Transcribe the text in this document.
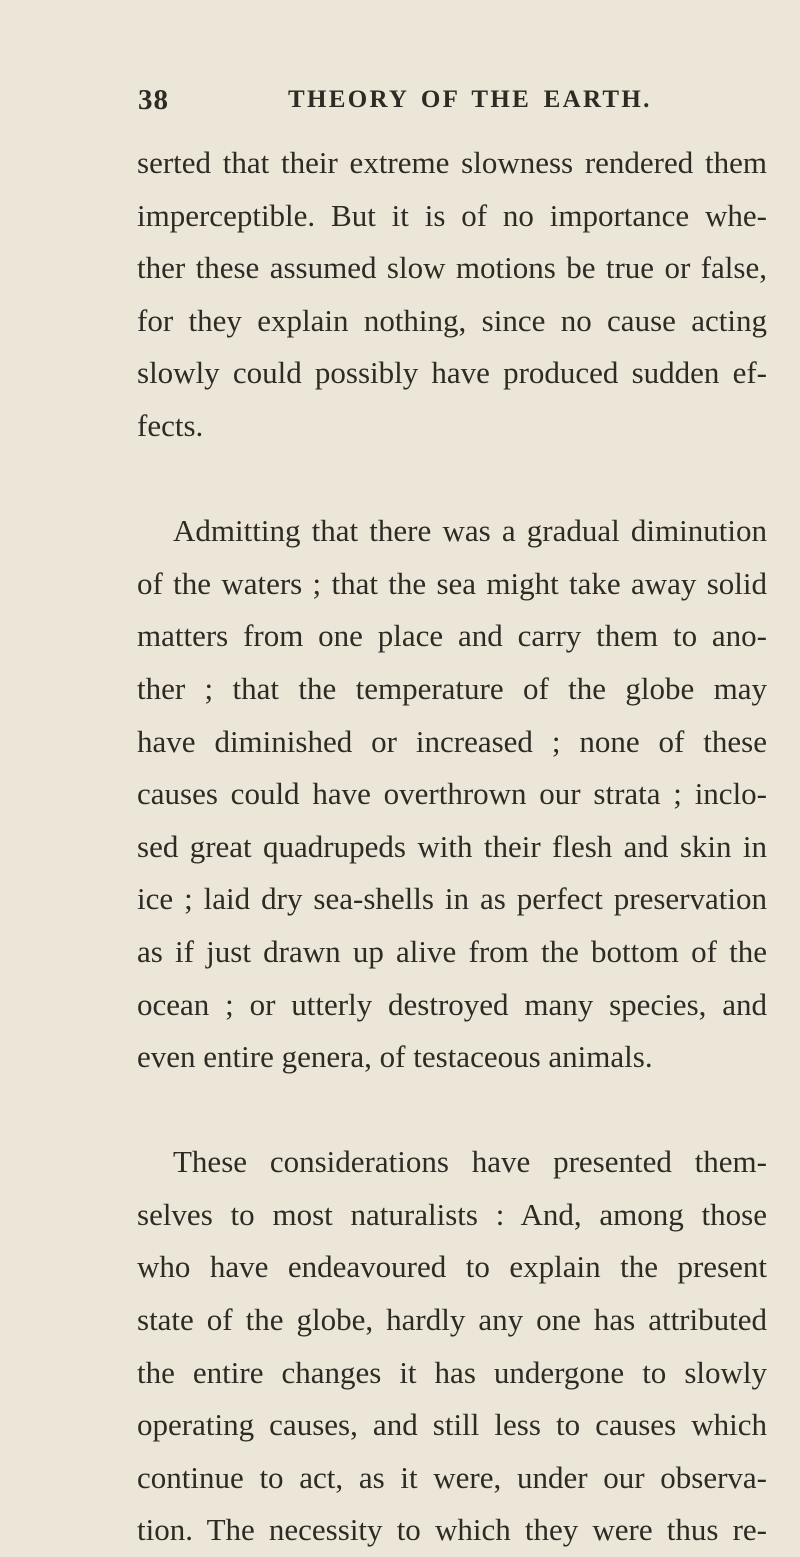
38	THEORY OF THE EARTH.
serted that their extreme slowness rendered them
imperceptible. But it is of no importance whe-
ther these assumed slow motions be true or false,
for they explain nothing, since no cause acting
slowly could possibly have produced sudden ef-
fects.
Admitting that there was a gradual diminution
of the waters ; that the sea might take away solid
matters from one place and carry them to ano-
ther ; that the temperature of the globe may
have diminished or increased ; none of these
causes could have overthrown our strata ; inclo-
sed great quadrupeds with their flesh and skin in
ice ; laid dry sea-shells in as perfect preservation
as if just drawn up alive from the bottom of the
ocean ; or utterly destroyed many species, and
even entire genera, of testaceous animals.
These considerations have presented them-
selves to most naturalists : And, among those
who have endeavoured to explain the present
state of the globe, hardly any one has attributed
the entire changes it has undergone to slowly
operating causes, and still less to causes which
continue to act, as it were, under our observa-
tion. The necessity to which they were thus re-
